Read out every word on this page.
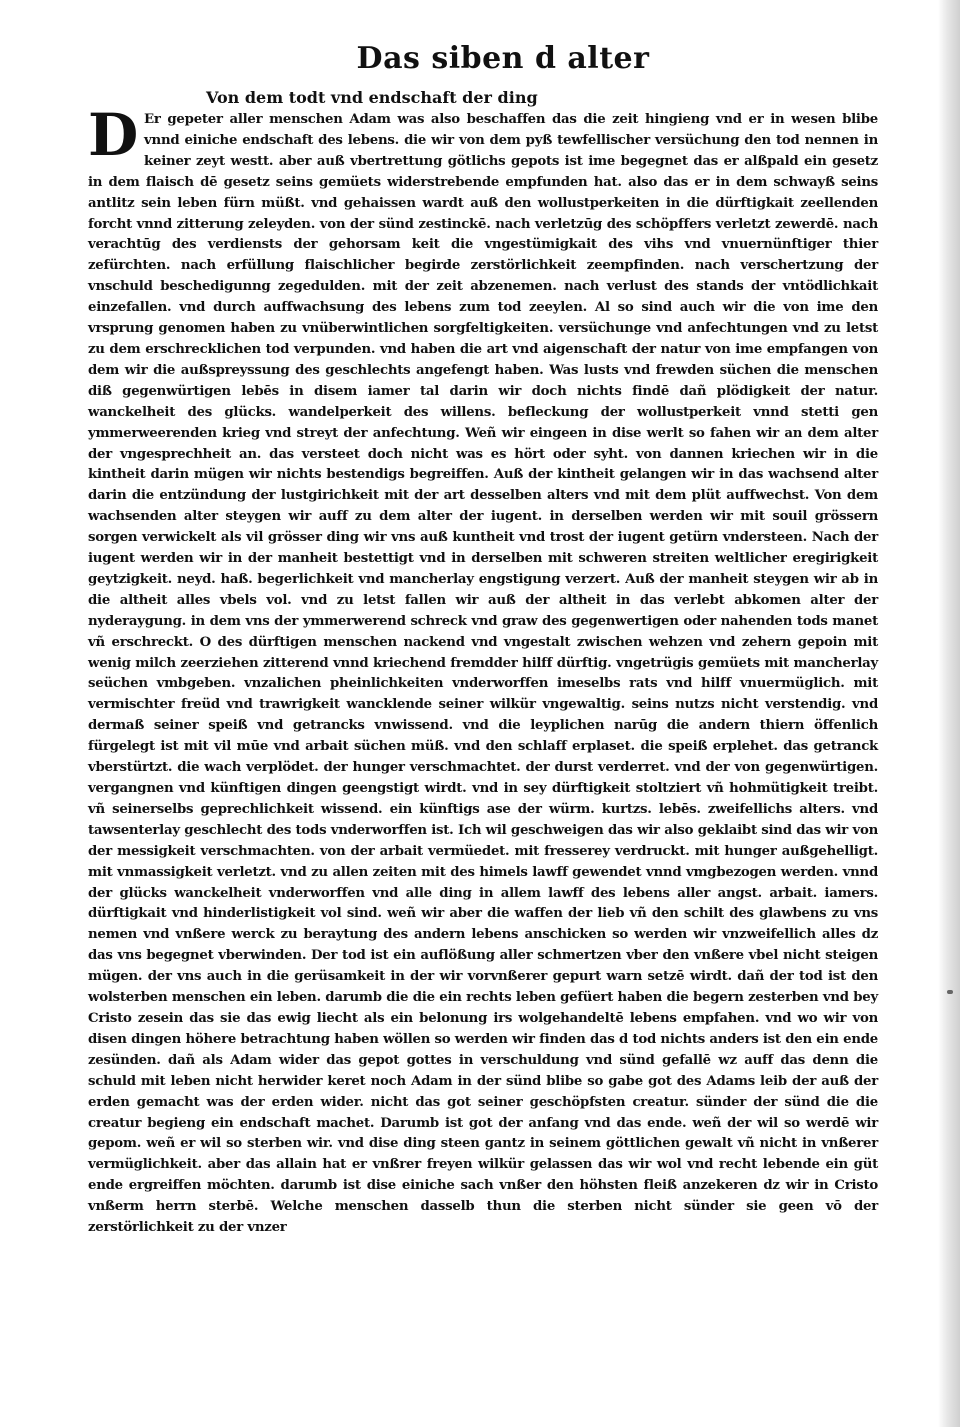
Das siben d alter
Von dem todt vnd endschaft der ding

D Er gepeter aller menschen Adam was also beschaffen das die zeit hingieng vnd er in wesen blibe vnnd einiche endschaft des lebens. die wir von dem pyß tewfellischer versüchung den tod nennen in keiner zeyt westt. aber auß vbertrettung götlichs gepots ist ime begegnet das er alßpald ein gesetz in dem flaisch dē gesetz seins gemüets widerstrebende empfunden hat. also das er in dem schwayß seins antlitz sein leben fürn müßt. vnd gehaissen wardt auß den wollustperkeiten in die dürftigkait zeellenden forcht vnnd zitterung zeleyden. von der sünd zestinckē. nach verletzūg des schöpffers verletzt zewerdē. nach verachtūg des verdiensts der gehorsam keit die vngestümigkait des vihs vnd vnuernünftiger thier zefürchten. nach erfüllung flaischlicher begirde zerstörlichkeit zeempfinden. nach verschertzung der vnschuld beschedigunng zegedulden. mit der zeit abzenemen. nach verlust des stands der vntödlichkait einzefallen. vnd durch auffwachsung des lebens zum tod zeeylen. Al so sind auch wir die von ime den vrsprung genomen haben zu vnüberwintlichen sorgfeltigkeiten. versüchunge vnd anfechtungen vnd zu letst zu dem erschrecklichen tod verpunden. vnd haben die art vnd aigenschaft der natur von ime empfangen von dem wir die außspreyssung des geschlechts angefengt haben. Was lusts vnd frewden süchen die menschen diß gegenwürtigen lebēs in disem iamer tal darin wir doch nichts findē dañ plödigkeit der natur. wanckelheit des glücks. wandelperkeit des willens. befleckung der wollustperkeit vnnd stetti gen ymmerweerenden krieg vnd streyt der anfechtung. Weñ wir eingeen in dise werlt so fahen wir an dem alter der vngesprechheit an. das versteet doch nicht was es hört oder syht. von dannen kriechen wir in die kintheit darin mügen wir nichts bestendigs begreiffen. Auß der kintheit gelangen wir in das wachsend alter darin die entzündung der lustgirichkeit mit der art desselben alters vnd mit dem plüt auffwechst. Von dem wachsenden alter steygen wir auff zu dem alter der iugent. in derselben werden wir mit souil grössern sorgen verwickelt als vil grösser ding wir vns auß kuntheit vnd trost der iugent getürn vndersteen. Nach der iugent werden wir in der manheit bestettigt vnd in derselben mit schweren streiten weltlicher eregirigkeit geytzigkeit. neyd. haß. begerlichkeit vnd mancherlay engstigung verzert. Auß der manheit steygen wir ab in die altheit alles vbels vol. vnd zu letst fallen wir auß der altheit in das verlebt abkomen alter der nyderaygung. in dem vns der ymmerwerend schreck vnd graw des gegenwertigen oder nahenden tods manet vñ erschreckt. O des dürftigen menschen nackend vnd vngestalt zwischen wehzen vnd zehern gepoin mit wenig milch zeerziehen zitterend vnnd kriechend fremdder hilff dürftig. vngetrügis gemüets mit mancherlay seüchen vmbgeben. vnzalichen pheinlichkeiten vnderworffen imeselbs rats vnd hilff vnuermüglich. mit vermischter freüd vnd trawrigkeit wancklende seiner wilkür vngewaltig. seins nutzs nicht verstendig. vnd dermaß seiner speiß vnd getrancks vnwissend. vnd die leyplichen narūg die andern thiern öffenlich fürgelegt ist mit vil mūe vnd arbait süchen müß. vnd den schlaff erplaset. die speiß erplehet. das getranck vberstürtzt. die wach verplödet. der hunger verschmachtet. der durst verderret. vnd der von gegenwürtigen. vergangnen vnd künftigen dingen geengstigt wirdt. vnd in sey dürftigkeit stoltziert vñ hohmütigkeit treibt. vñ seinerselbs geprechlichkeit wissend. ein künftigs ase der würm. kurtzs. lebēs. zweifellichs alters. vnd tawsenterlay geschlecht des tods vnderworffen ist. Ich wil geschweigen das wir also geklaibt sind das wir von der messigkeit verschmachten. von der arbait vermüedet. mit fresserey verdruckt. mit hunger außgehelligt. mit vnmassigkeit verletzt. vnd zu allen zeiten mit des himels lawff gewendet vnnd vmgbezogen werden. vnnd der glücks wanckelheit vnderworffen vnd alle ding in allem lawff des lebens aller angst. arbait. iamers. dürftigkait vnd hinderlistigkeit vol sind. weñ wir aber die waffen der lieb vñ den schilt des glawbens zu vns nemen vnd vnßere werck zu beraytung des andern lebens anschicken so werden wir vnzweifellich alles dz das vns begegnet vberwinden. Der tod ist ein auflößung aller schmertzen vber den vnßere vbel nicht steigen mügen. der vns auch in die gerüsamkeit in der wir vorvnßerer gepurt warn setzē wirdt. dañ der tod ist den wolsterben menschen ein leben. darumb die die ein rechts leben gefüert haben die begern zesterben vnd bey Cristo zesein das sie das ewig liecht als ein belonung irs wolgehandeltē lebens empfahen. vnd wo wir von disen dingen höhere betrachtung haben wöllen so werden wir finden das d tod nichts anders ist den ein ende zesünden. dañ als Adam wider das gepot gottes in verschuldung vnd sünd gefallē wz auff das denn die schuld mit leben nicht herwider keret noch Adam in der sünd blibe so gabe got des Adams leib der auß der erden gemacht was der erden wider. nicht das got seiner geschöpfsten creatur. sünder der sünd die die creatur begieng ein endschaft machet. Darumb ist got der anfang vnd das ende. weñ der wil so werdē wir gepom. weñ er wil so sterben wir. vnd dise ding steen gantz in seinem göttlichen gewalt vñ nicht in vnßerer vermüglichkeit. aber das allain hat er vnßrer freyen wilkür gelassen das wir wol vnd recht lebende ein güt ende ergreiffen möchten. darumb ist dise einiche sach vnßer den höhsten fleiß anzekeren dz wir in Cristo vnßerm herrn sterbē. Welche menschen dasselb thun die sterben nicht sünder sie geen vō der zerstörlichkeit zu der vnzer
